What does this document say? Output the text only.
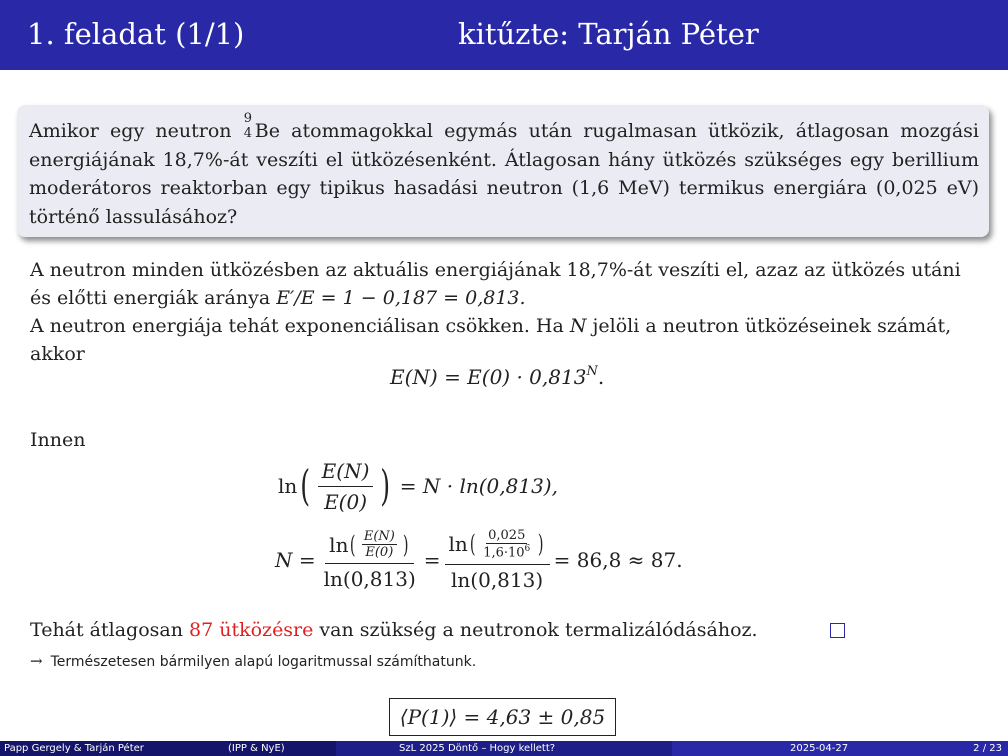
1. feladat (1/1)	kitűzte: Tarján Péter
Amikor egy neutron
9
4 Be atommagokkal egymás után rugalmasan ütközik, átlagosan mozgási energiájának 18,7%-át veszíti el ütközésenként. Átlagosan hány ütközés szükséges egy berillium moderátoros reaktorban egy tipikus hasadási neutron (1,6 MeV) termikus energiára (0,025 eV) történő lassulásához?
A neutron minden ütközésben az aktuális energiájának 18,7%-át veszíti el, azaz az ütközés utáni és előtti energiák aránya E′/E = 1 − 0,187 = 0,813.
A neutron energiája tehát exponenciálisan csökken. Ha N jelöli a neutron ütközéseinek számát, akkor
$E(N) = E(0) \cdot 0,813^N$.
Innen
ln ( $\frac{E(N)}{E(0)}$ ) = N · ln(0,813),
$N = \frac{\ln ( \frac{E(N)}{E(0)} )}{\ln(0,813)}$ =
ln ( $\frac{0,025}{1,6\cdot 10^6}$ )
ln(0,813)
= 86,8 ≈ 87.
Tehát átlagosan 87 ütközésre van szükség a neutronok termalizálódásához.
→ Természetesen bármilyen alapú logaritmussal számíthatunk.
⟨P(1)⟩ = 4,63 ± 0,85
Papp Gergely & Tarján Péter	(IPP & NyE)	SzL 2025 Döntő – Hogy kellett?	2025-04-27	2 / 23
